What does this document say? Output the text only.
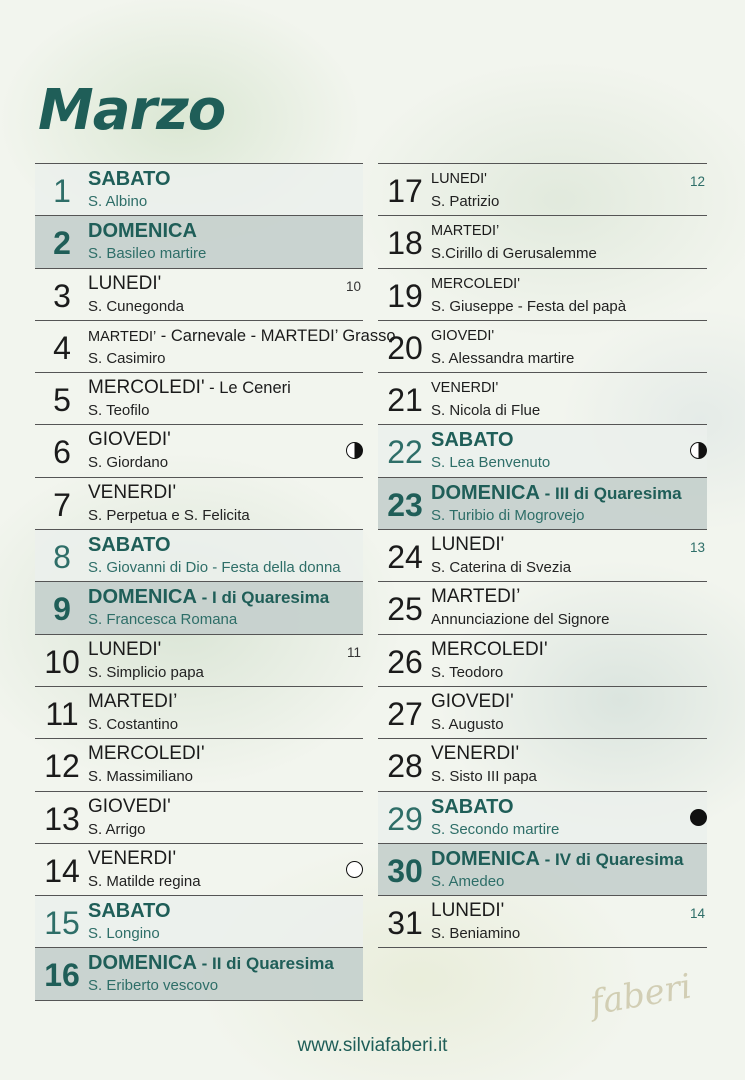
Marzo
1 SABATO
S. Albino
2 DOMENICA
S. Basileo martire
3 LUNEDI'
S. Cunegonda
10
4	MARTEDI’ - Carnevale - MARTEDI’ Grasso
S. Casimiro
5 MERCOLEDI' - Le Ceneri
S. Teofilo
6 GIOVEDI'
S. Giordano
7 VENERDI'
S. Perpetua e S. Felicita
8 SABATO
S. Giovanni di Dio - Festa della donna
9 DOMENICA - I di Quaresima
S. Francesca Romana
10 LUNEDI'
S. Simplicio papa
11
11 MARTEDI’
S. Costantino
12 MERCOLEDI'
S. Massimiliano
13 GIOVEDI'
S. Arrigo
14 VENERDI'
S. Matilde regina
15 SABATO
S. Longino
16 DOMENICA - II di Quaresima
S. Eriberto vescovo
17 LUNEDI'
S. Patrizio
12
18 MARTEDI’
S.Cirillo di Gerusalemme
19 MERCOLEDI'
S. Giuseppe - Festa del papà
20 GIOVEDI'
S. Alessandra martire
21 VENERDI'
S. Nicola di Flue
22 SABATO
S. Lea Benvenuto
23 DOMENICA - III di Quaresima
S. Turibio di Mogrovejo
24 LUNEDI'
S. Caterina di Svezia
13
25 MARTEDI’
Annunciazione del Signore
26 MERCOLEDI'
S. Teodoro
27 GIOVEDI'
S. Augusto
28 VENERDI'
S. Sisto III papa
29 SABATO
S. Secondo martire
30 DOMENICA - IV di Quaresima
S. Amedeo
31 LUNEDI'
S. Beniamino
14
faberi
www.silviafaberi.it
